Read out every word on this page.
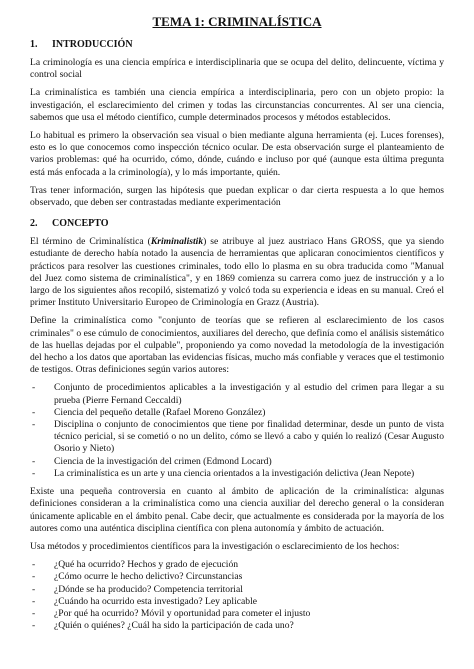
TEMA 1: CRIMINALÍSTICA
1.	INTRODUCCIÓN

La criminología es una ciencia empírica e interdisciplinaria que se ocupa del delito, delincuente, víctima y control social

La criminalística es también una ciencia empírica a interdisciplinaria, pero con un objeto propio: la investigación, el esclarecimiento del crimen y todas las circunstancias concurrentes. Al ser una ciencia, sabemos que usa el método científico, cumple determinados procesos y métodos establecidos.

Lo habitual es primero la observación sea visual o bien mediante alguna herramienta (ej. Luces forenses), esto es lo que conocemos como inspección técnico ocular. De esta observación surge el planteamiento de varios problemas: qué ha ocurrido, cómo, dónde, cuándo e incluso por qué (aunque esta última pregunta está más enfocada a la criminología), y lo más importante, quién.

Tras tener información, surgen las hipótesis que puedan explicar o dar cierta respuesta a lo que hemos observado, que deben ser contrastadas mediante experimentación

2.	CONCEPTO

El término de Criminalística (Kriminalistik) se atribuye al juez austriaco Hans GROSS, que ya siendo estudiante de derecho había notado la ausencia de herramientas que aplicaran conocimientos científicos y prácticos para resolver las cuestiones criminales, todo ello lo plasma en su obra traducida como "Manual del Juez como sistema de criminalística", y en 1869 comienza su carrera como juez de instrucción y a lo largo de los siguientes años recopiló, sistematizó y volcó toda su experiencia e ideas en su manual. Creó el primer Instituto Universitario Europeo de Criminología en Grazz (Austria).

Define la criminalística como "conjunto de teorías que se refieren al esclarecimiento de los casos criminales" o ese cúmulo de conocimientos, auxiliares del derecho, que definía como el análisis sistemático de las huellas dejadas por el culpable", proponiendo ya como novedad la metodología de la investigación del hecho a los datos que aportaban las evidencias físicas, mucho más confiable y veraces que el testimonio de testigos. Otras definiciones según varios autores:

-	Conjunto de procedimientos aplicables a la investigación y al estudio del crimen para llegar a su prueba (Pierre Fernand Ceccaldi)
-	Ciencia del pequeño detalle (Rafael Moreno González)
-	Disciplina o conjunto de conocimientos que tiene por finalidad determinar, desde un punto de vista técnico pericial, si se cometió o no un delito, cómo se llevó a cabo y quién lo realizó (Cesar Augusto Osorio y Nieto)
-	Ciencia de la investigación del crimen (Edmond Locard)
-	La criminalística es un arte y una ciencia orientados a la investigación delictiva (Jean Nepote)

Existe una pequeña controversia en cuanto al ámbito de aplicación de la criminalística: algunas definiciones consideran a la criminalística como una ciencia auxiliar del derecho general o la consideran únicamente aplicable en el ámbito penal. Cabe decir, que actualmente es considerada por la mayoría de los autores como una auténtica disciplina científica con plena autonomía y ámbito de actuación.

Usa métodos y procedimientos científicos para la investigación o esclarecimiento de los hechos:

-	¿Qué ha ocurrido? Hechos y grado de ejecución
-	¿Cómo ocurre le hecho delictivo? Circunstancias
-	¿Dónde se ha producido? Competencia territorial
-	¿Cuándo ha ocurrido esta investigado? Ley aplicable
-	¿Por qué ha ocurrido? Móvil y oportunidad para cometer el injusto
-	¿Quién o quiénes? ¿Cuál ha sido la participación de cada uno?
